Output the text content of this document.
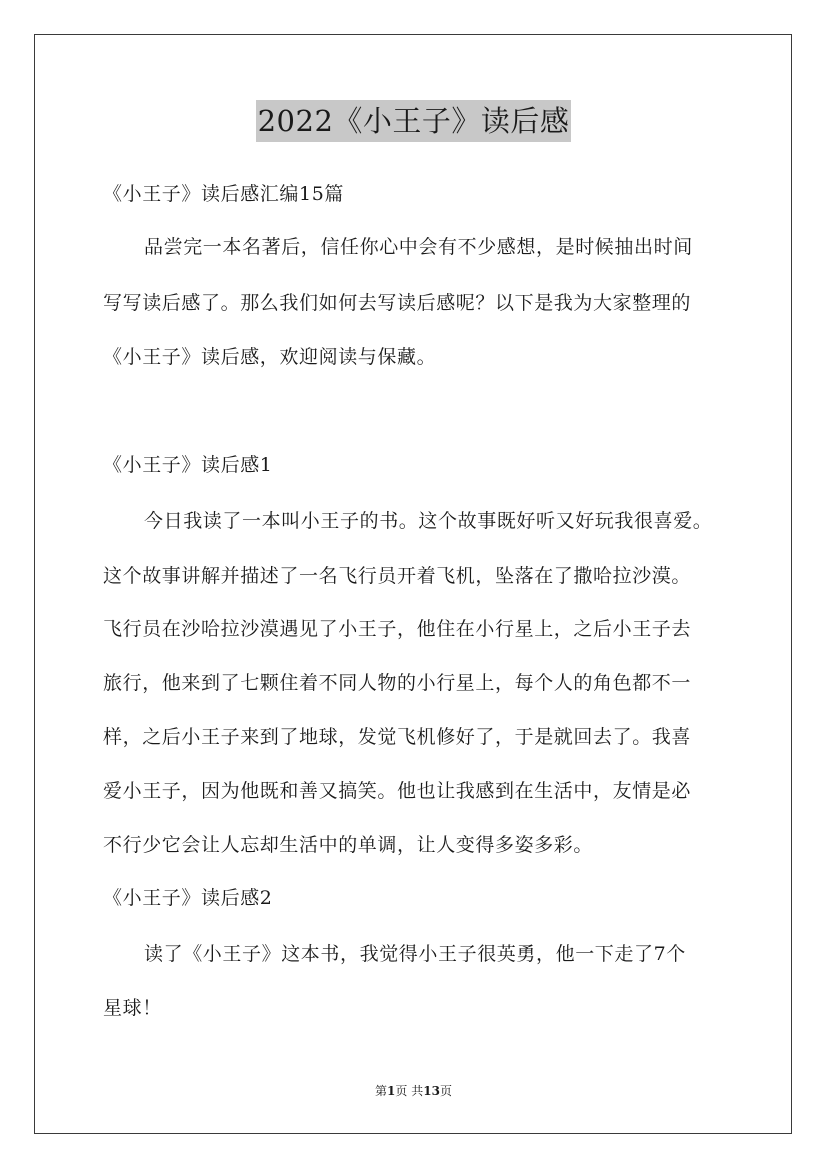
2022《小王子》读后感
《小王子》读后感汇编15篇
品尝完一本名著后，信任你心中会有不少感想，是时候抽出时间
写写读后感了。那么我们如何去写读后感呢？以下是我为大家整理的
《小王子》读后感，欢迎阅读与保藏。
《小王子》读后感1
今日我读了一本叫小王子的书。这个故事既好听又好玩我很喜爱。
这个故事讲解并描述了一名飞行员开着飞机，坠落在了撒哈拉沙漠。
飞行员在沙哈拉沙漠遇见了小王子，他住在小行星上，之后小王子去
旅行，他来到了七颗住着不同人物的小行星上，每个人的角色都不一
样，之后小王子来到了地球，发觉飞机修好了，于是就回去了。我喜
爱小王子，因为他既和善又搞笑。他也让我感到在生活中，友情是必
不行少它会让人忘却生活中的单调，让人变得多姿多彩。
《小王子》读后感2
读了《小王子》这本书，我觉得小王子很英勇，他一下走了7个
星球！
第1页 共13页
